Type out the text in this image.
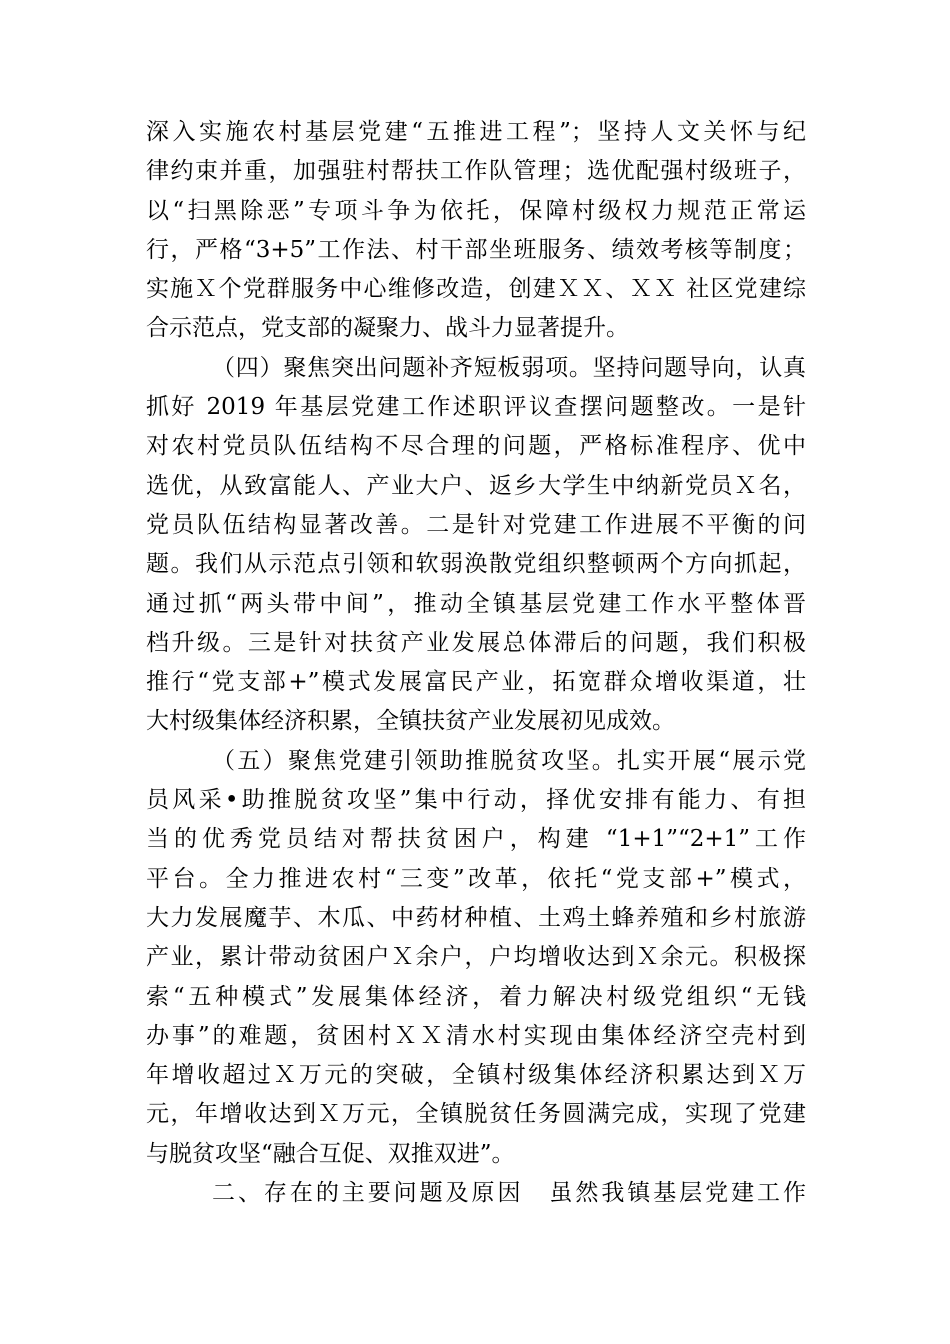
深入实施农村基层党建“五推进工程”；坚持人文关怀与纪
律约束并重，加强驻村帮扶工作队管理；选优配强村级班子，
以“扫黑除恶”专项斗争为依托，保障村级权力规范正常运
行，严格“3+5”工作法、村干部坐班服务、绩效考核等制度；
实施Ｘ个党群服务中心维修改造，创建ＸＸ、ＸＸ 社区党建综
合示范点，党支部的凝聚力、战斗力显著提升。
（四）聚焦突出问题补齐短板弱项。坚持问题导向，认真
抓好 2019 年基层党建工作述职评议查摆问题整改。一是针
对农村党员队伍结构不尽合理的问题，严格标准程序、优中
选优，从致富能人、产业大户、返乡大学生中纳新党员Ｘ名，
党员队伍结构显著改善。二是针对党建工作进展不平衡的问
题。我们从示范点引领和软弱涣散党组织整顿两个方向抓起，
通过抓“两头带中间”，推动全镇基层党建工作水平整体晋
档升级。三是针对扶贫产业发展总体滞后的问题，我们积极
推行“党支部+”模式发展富民产业，拓宽群众增收渠道，壮
大村级集体经济积累，全镇扶贫产业发展初见成效。
（五）聚焦党建引领助推脱贫攻坚。扎实开展“展示党
员风采•助推脱贫攻坚”集中行动，择优安排有能力、有担
当的优秀党员结对帮扶贫困户，构建 “1+1”“2+1”工作
平台。全力推进农村“三变”改革，依托“党支部+”模式，
大力发展魔芋、木瓜、中药材种植、土鸡土蜂养殖和乡村旅游
产业，累计带动贫困户Ｘ余户，户均增收达到Ｘ余元。积极探
索“五种模式”发展集体经济，着力解决村级党组织“无钱
办事”的难题，贫困村ＸＸ清水村实现由集体经济空壳村到
年增收超过Ｘ万元的突破，全镇村级集体经济积累达到Ｘ万
元，年增收达到Ｘ万元，全镇脱贫任务圆满完成，实现了党建
与脱贫攻坚“融合互促、双推双进”。
二、存在的主要问题及原因　虽然我镇基层党建工作
